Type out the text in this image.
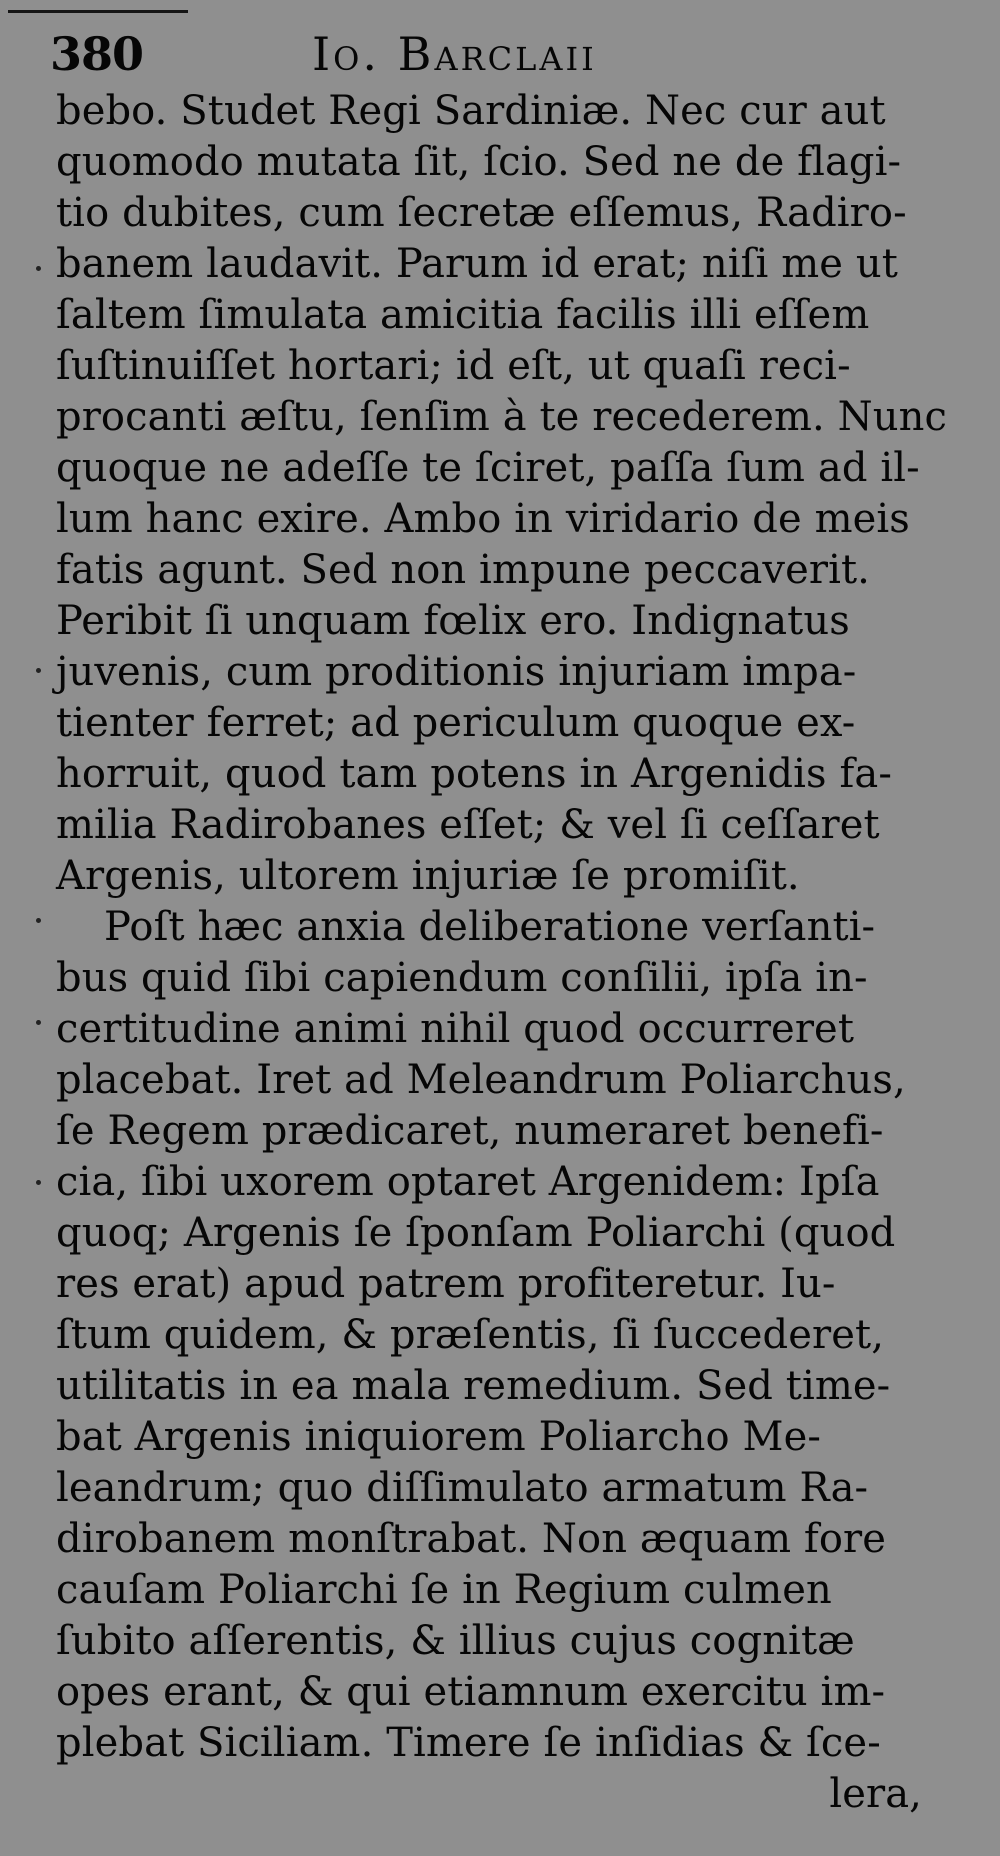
380	Io. Barclaii
bebo. Studet Regi Sardiniæ. Nec cur aut
quomodo mutata ſit, ſcio. Sed ne de flagi-
tio dubites, cum ſecretæ eſſemus, Radiro-
banem laudavit. Parum id erat; niſi me ut
ſaltem ſimulata amicitia facilis illi eſſem
ſuſtinuiſſet hortari; id eſt, ut quaſi reci-
procanti æſtu, ſenſim à te recederem. Nunc
quoque ne adeſſe te ſciret, paſſa ſum ad il-
lum hanc exire. Ambo in viridario de meis
fatis agunt. Sed non impune peccaverit.
Peribit ſi unquam fœlix ero. Indignatus
juvenis, cum proditionis injuriam impa-
tienter ferret; ad periculum quoque ex-
horruit, quod tam potens in Argenidis fa-
milia Radirobanes eſſet; & vel ſi ceſſaret
Argenis, ultorem injuriæ ſe promiſit.
Poſt hæc anxia deliberatione verſanti-
bus quid ſibi capiendum conſilii, ipſa in-
certitudine animi nihil quod occurreret
placebat. Iret ad Meleandrum Poliarchus,
ſe Regem prædicaret, numeraret benefi-
cia, ſibi uxorem optaret Argenidem: Ipſa
quoq; Argenis ſe ſponſam Poliarchi (quod
res erat) apud patrem profiteretur. Iu-
ſtum quidem, & præſentis, ſi ſuccederet,
utilitatis in ea mala remedium. Sed time-
bat Argenis iniquiorem Poliarcho Me-
leandrum; quo diſſimulato armatum Ra-
dirobanem monſtrabat. Non æquam fore
cauſam Poliarchi ſe in Regium culmen
ſubito aſſerentis, & illius cujus cognitæ
opes erant, & qui etiamnum exercitu im-
plebat Siciliam. Timere ſe inſidias & ſce-
lera,
